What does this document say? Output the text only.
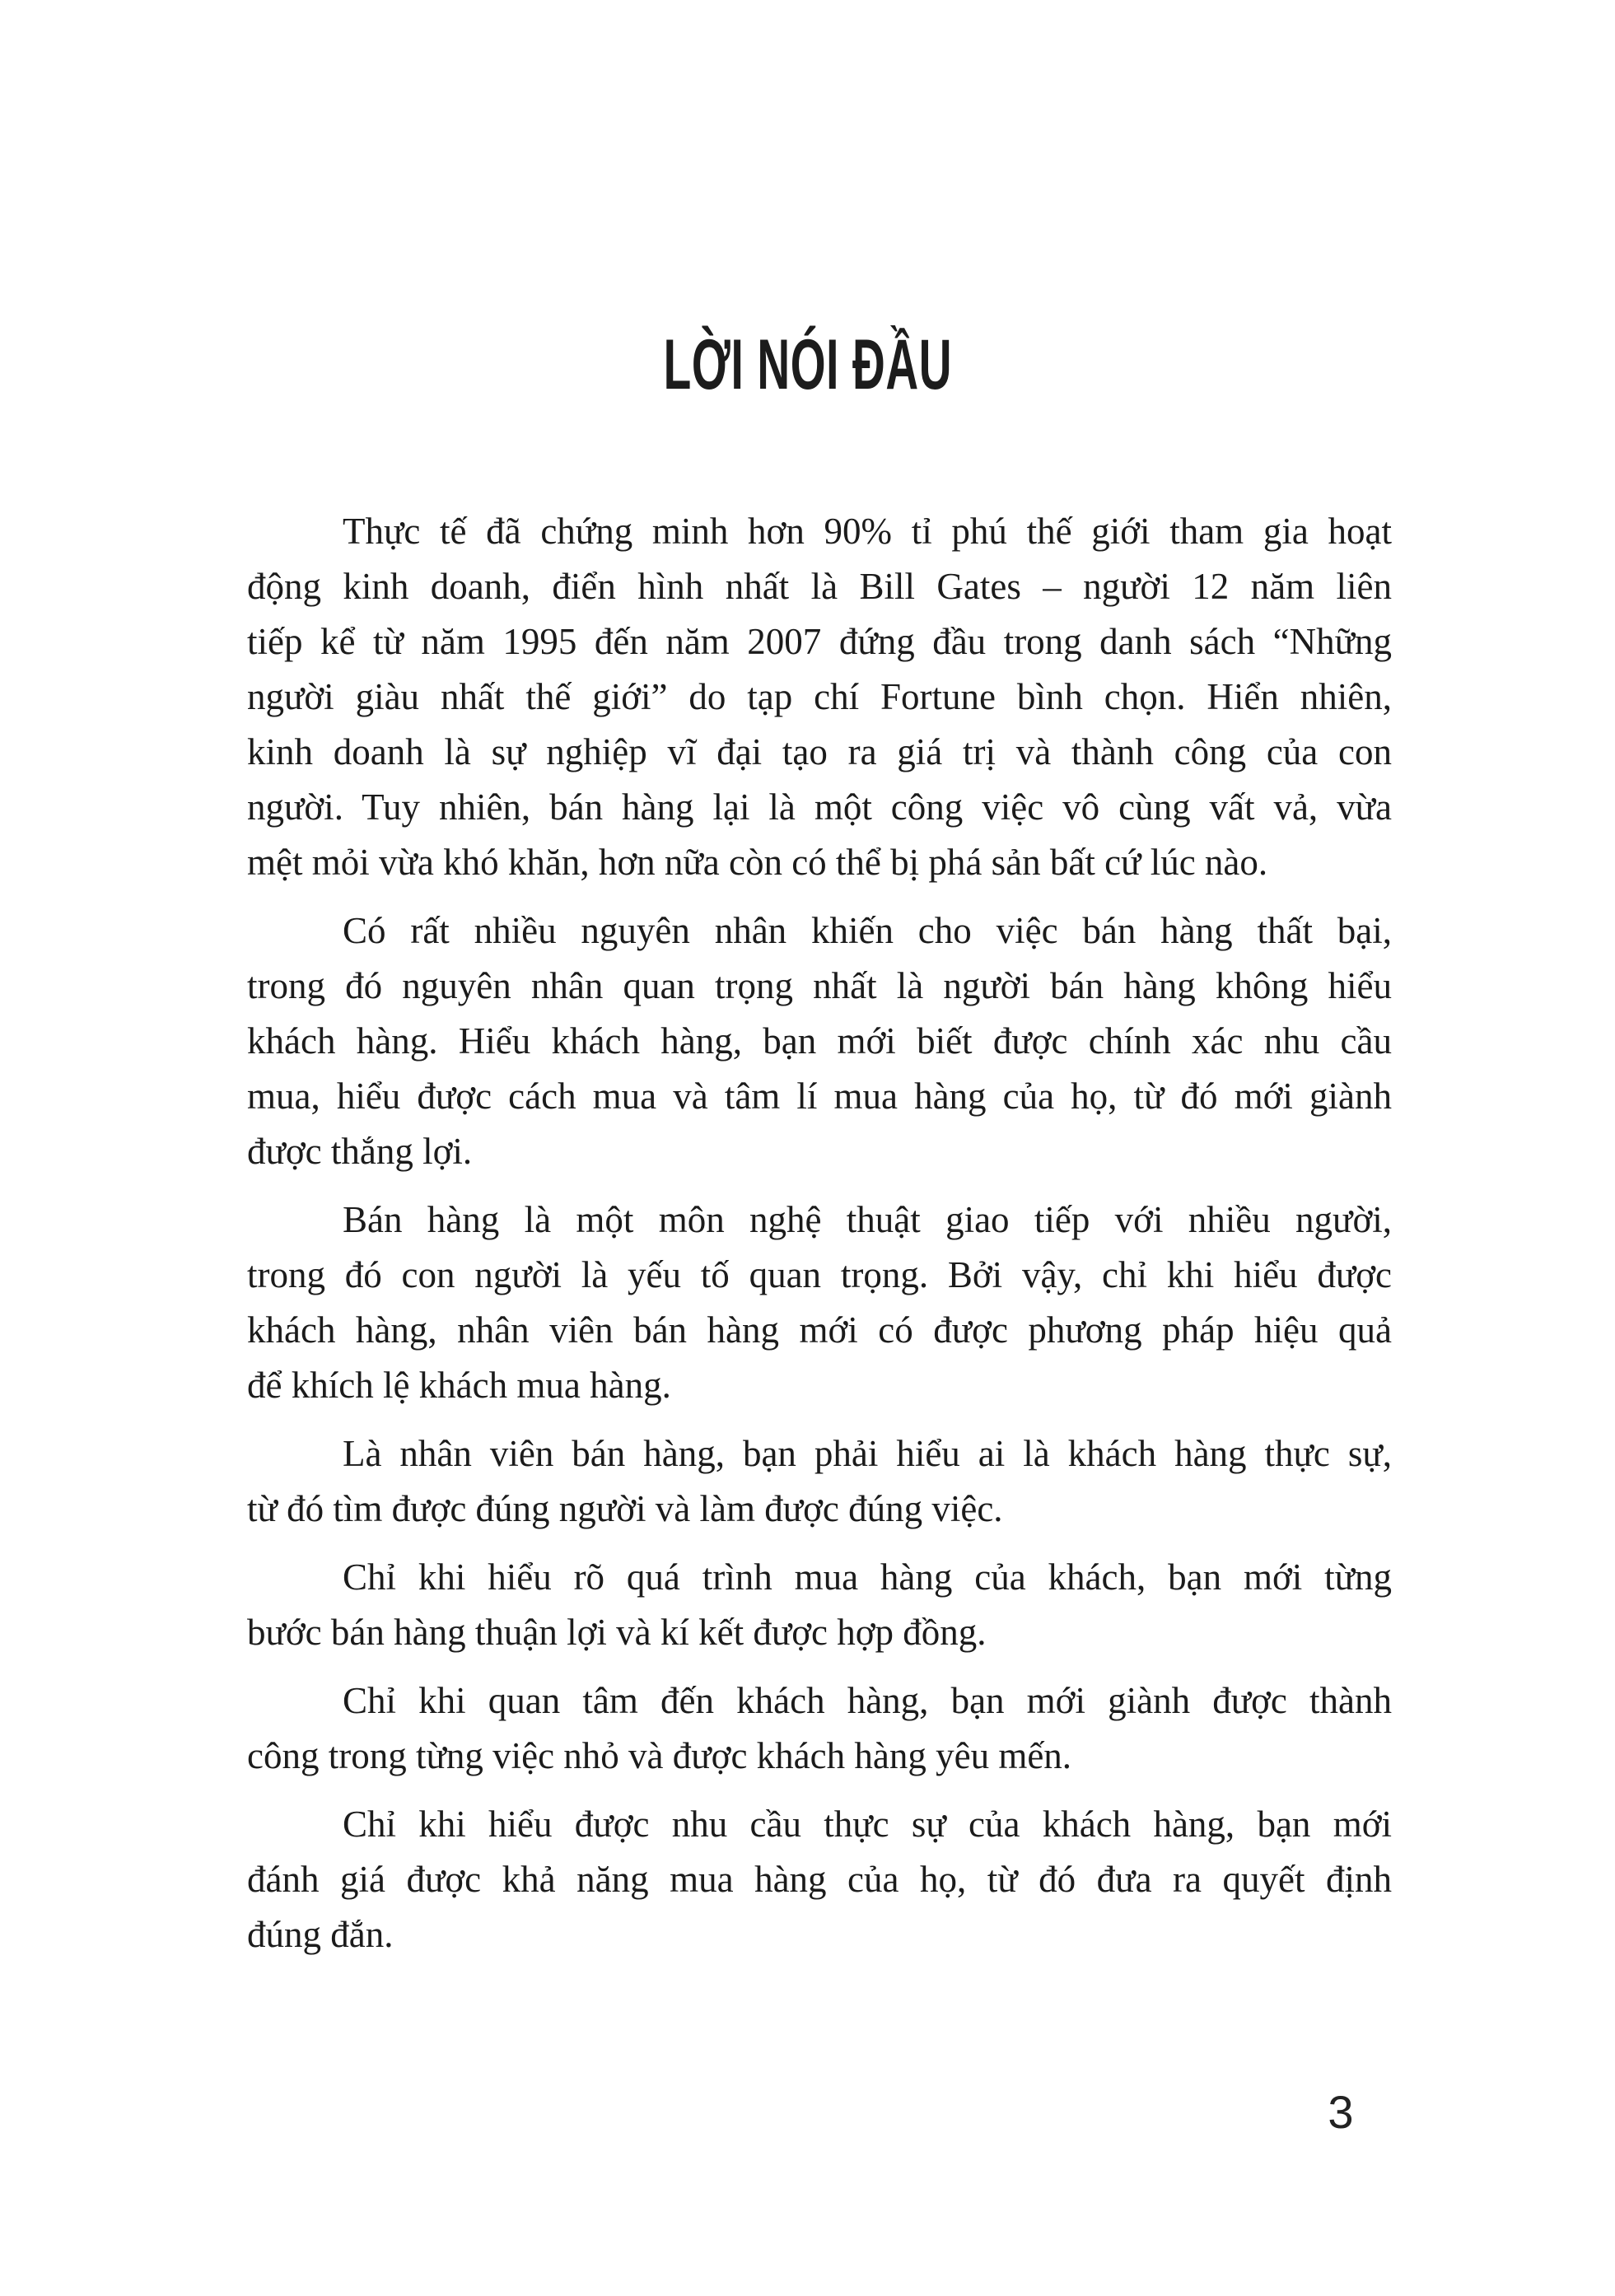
LỜI NÓI ĐẦU
Thực tế đã chứng minh hơn 90% tỉ phú thế giới tham gia hoạt
động kinh doanh, điển hình nhất là Bill Gates – người 12 năm liên
tiếp kể từ năm 1995 đến năm 2007 đứng đầu trong danh sách “Những
người giàu nhất thế giới” do tạp chí Fortune bình chọn. Hiển nhiên,
kinh doanh là sự nghiệp vĩ đại tạo ra giá trị và thành công của con
người. Tuy nhiên, bán hàng lại là một công việc vô cùng vất vả, vừa
mệt mỏi vừa khó khăn, hơn nữa còn có thể bị phá sản bất cứ lúc nào.
Có rất nhiều nguyên nhân khiến cho việc bán hàng thất bại,
trong đó nguyên nhân quan trọng nhất là người bán hàng không hiểu
khách hàng. Hiểu khách hàng, bạn mới biết được chính xác nhu cầu
mua, hiểu được cách mua và tâm lí mua hàng của họ, từ đó mới giành
được thắng lợi.
Bán hàng là một môn nghệ thuật giao tiếp với nhiều người,
trong đó con người là yếu tố quan trọng. Bởi vậy, chỉ khi hiểu được
khách hàng, nhân viên bán hàng mới có được phương pháp hiệu quả
để khích lệ khách mua hàng.
Là nhân viên bán hàng, bạn phải hiểu ai là khách hàng thực sự,
từ đó tìm được đúng người và làm được đúng việc.
Chỉ khi hiểu rõ quá trình mua hàng của khách, bạn mới từng
bước bán hàng thuận lợi và kí kết được hợp đồng.
Chỉ khi quan tâm đến khách hàng, bạn mới giành được thành
công trong từng việc nhỏ và được khách hàng yêu mến.
Chỉ khi hiểu được nhu cầu thực sự của khách hàng, bạn mới
đánh giá được khả năng mua hàng của họ, từ đó đưa ra quyết định
đúng đắn.
3
